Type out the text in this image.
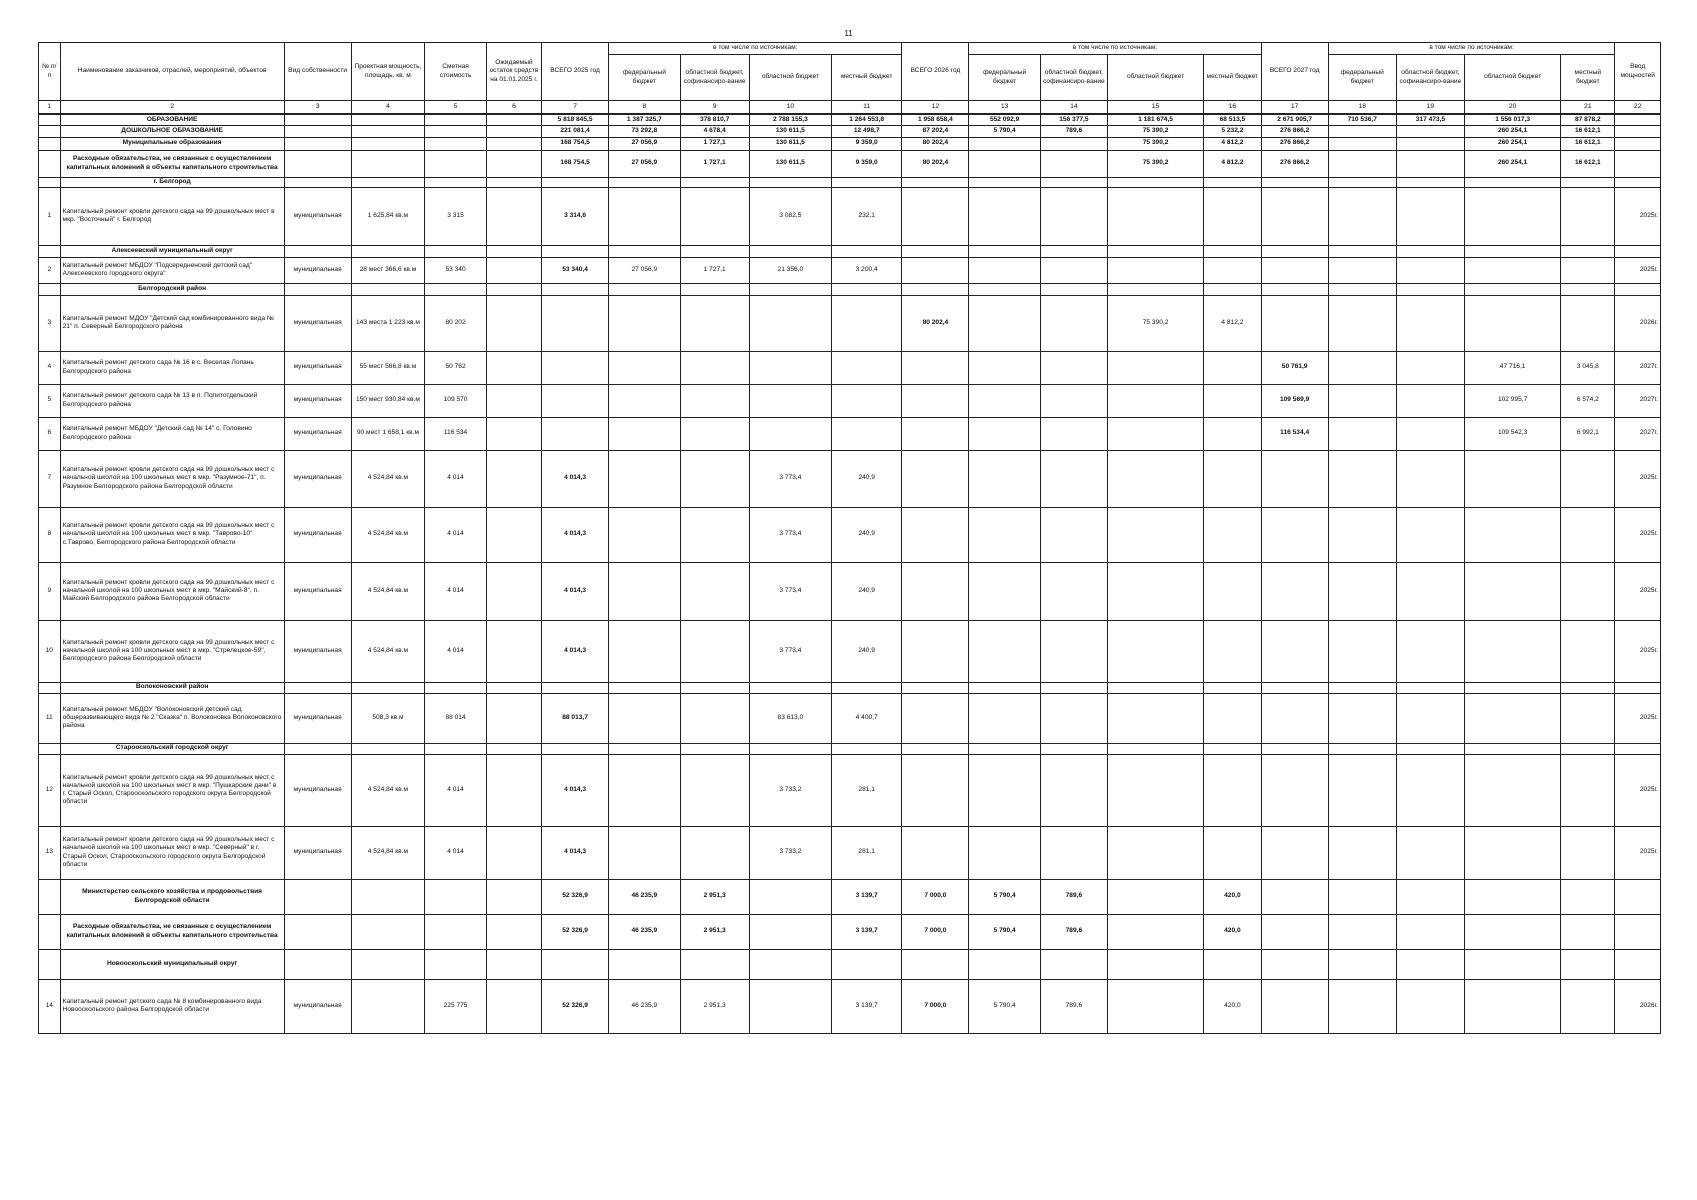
11
№ п/п	Наименование заказчиков, отраслей, мероприятий, объектов	Вид собственности	Проектная мощность, площадь, кв. м	Сметная стоимость	Ожидаемый остаток средств на 01.01.2025 г.	ВСЕГО 2025 год	в том числе по источникам:				ВСЕГО 2026 год	в том числе по источникам:				ВСЕГО 2027 год	в том числе по источникам:				Ввод мощностей
							федеральный бюджет	областной бюджет, софинансиро-вание	областной бюджет	местный бюджет		федеральный бюджет	областной бюджет, софинансиро-вание	областной бюджет	местный бюджет		федеральный бюджет	областной бюджет, софинансиро-вание	областной бюджет	местный бюджет	
1	2	3	4	5	6	7	8	9	10	11	12	13	14	15	16	17	18	19	20	21	22
	ОБРАЗОВАНИЕ					5 818 845,5	1 387 325,7	378 810,7	2 788 155,3	1 264 553,8	1 958 658,4	552 092,9	156 377,5	1 181 674,5	68 513,5	2 671 905,7	710 536,7	317 473,5	1 556 017,3	87 878,2	
	ДОШКОЛЬНОЕ ОБРАЗОВАНИЕ					221 081,4	73 292,8	4 678,4	130 611,5	12 498,7	87 202,4	5 790,4	789,6	75 390,2	5 232,2	276 866,2			260 254,1	16 612,1	
	Муниципальные образования					168 754,5	27 056,9	1 727,1	130 611,5	9 359,0	80 202,4			75 390,2	4 812,2	276 866,2			260 254,1	16 612,1	
	Расходные обязательства, не связанные с осуществлением капитальных вложений в объекты капитального строительства					168 754,5	27 056,9	1 727,1	130 611,5	9 359,0	80 202,4			75 390,2	4 812,2	276 866,2			260 254,1	16 612,1	
	г. Белгород																				
1	Капитальный ремонт кровли детского сада на 99 дошкольных мест в мкр. "Восточный" г. Белгород	муниципальная	1 625,84 кв.м	3 315		3 314,6			3 082,5	232,1											2025г.
	Алексеевский муниципальный округ																				
2	Капитальный ремонт МБДОУ "Подсередненский детский сад" Алексеевского городского округа"	муниципальная	28 мест 366,6 кв.м	53 340		53 340,4	27 056,9	1 727,1	21 356,0	3 200,4											2025г.
	Белгородский район																				
3	Капитальный ремонт МДОУ "Детский сад комбинированного вида № 21" п. Северный Белгородского района	муниципальная	143 места 1 223 кв.м	80 202							80 202,4			75 390,2	4 812,2						2026г.
4	Капитальный ремонт детского сада № 16 в с. Веселая Лопань Белгородского района	муниципальная	55 мест 566,8 кв.м	50 762												50 761,9			47 716,1	3 045,8	2027г.
5	Капитальный ремонт детского сада № 13 в п. Политотдельский Белгородского района	муниципальная	150 мест 930,84 кв.м	109 570												109 569,9			102 995,7	6 574,2	2027г.
6	Капитальный ремонт МБДОУ "Детский сад № 14" с. Головино Белгородского района	муниципальная	90 мест 1 658,1 кв.м	116 534												116 534,4			109 542,3	6 992,1	2027г.
7	Капитальный ремонт кровли детского сада на 99 дошкольных мест с начальной школой на 100 школьных мест в мкр. "Разумное-71", п. Разумное Белгородского района Белгородской области	муниципальная	4 524,84 кв.м	4 014		4 014,3			3 773,4	240,9											2025г.
8	Капитальный ремонт кровли детского сада на 99 дошкольных мест с начальной школой на 100 школьных мест в мкр. "Таврово-10" с.Таврово, Белгородского района Белгородской области	муниципальная	4 524,84 кв.м	4 014		4 014,3			3 773,4	240,9											2025г.
9	Капитальный ремонт кровли детского сада на 99 дошкольных мест с начальной школой на 100 школьных мест в мкр. "Майский-8", п. Майский Белгородского района Белгородской области	муниципальная	4 524,84 кв.м	4 014		4 014,3			3 773,4	240,9											2025г.
10	Капитальный ремонт кровли детского сада на 99 дошкольных мест с начальной школой на 100 школьных мест в мкр. "Стрелецкое-59", Белгородского района Белгородской области	муниципальная	4 524,84 кв.м	4 014		4 014,3			3 773,4	240,9											2025г.
	Волоконовский район																				
11	Капитальный ремонт МБДОУ "Волоконовский детский сад общеразвивающего вида № 2 "Сказка" п. Волоконовка Волоконовского района	муниципальная	508,3 кв.м	88 014		88 013,7			83 613,0	4 400,7											2025г.
	Старооскольский городской округ																				
12	Капитальный ремонт кровли детского сада на 99 дошкольных мест с начальной школой на 100 школьных мест в мкр. "Пушкарские дачи" в г. Старый Оскол, Старооскольского городского округа Белгородской области	муниципальная	4 524,84 кв.м	4 014		4 014,3			3 733,2	281,1											2025г.
13	Капитальный ремонт кровли детского сада на 99 дошкольных мест с начальной школой на 100 школьных мест в мкр. "Северный" в г. Старый Оскол, Старооскольского городского округа Белгородской области	муниципальная	4 524,84 кв.м	4 014		4 014,3			3 733,2	281,1											2025г.
	Министерство сельского хозяйства и продовольствия Белгородской области					52 326,9	46 235,9	2 951,3		3 139,7	7 000,0	5 790,4	789,6		420,0						
	Расходные обязательства, не связанные с осуществлением капитальных вложений в объекты капитального строительства					52 326,9	46 235,9	2 951,3		3 139,7	7 000,0	5 790,4	789,6		420,0						
	Новооскольский муниципальный округ																				
14	Капитальный ремонт детского сада № 8 комбинированного вида Новооскольского района Белгородской области	муниципальная		225 775		52 326,9	46 235,9	2 951,3		3 139,7	7 000,0	5 790,4	789,6		420,0						2026г.
